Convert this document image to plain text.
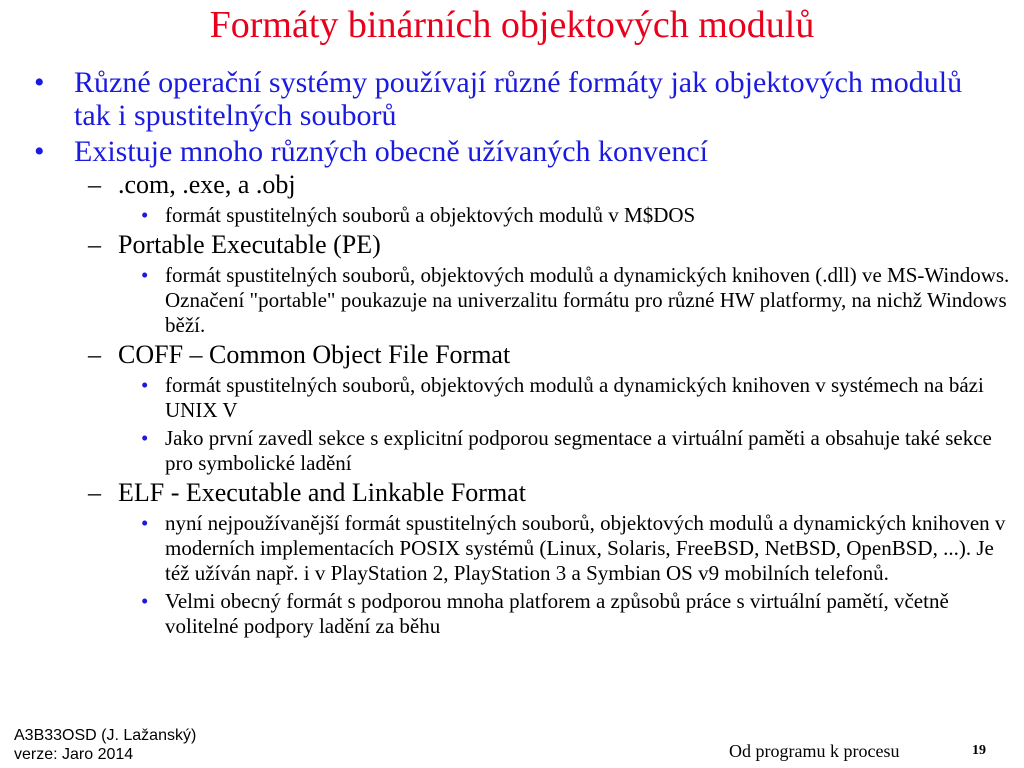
Formáty binárních objektových modulů
• Různé operační systémy používají různé formáty jak objektových modulů tak i spustitelných souborů
• Existuje mnoho různých obecně užívaných konvencí
– .com, .exe, a .obj
• formát spustitelných souborů a objektových modulů v M$DOS
– Portable Executable (PE)
• formát spustitelných souborů, objektových modulů a dynamických knihoven (.dll) ve MS-Windows. Označení "portable" poukazuje na univerzalitu formátu pro různé HW platformy, na nichž Windows běží.
– COFF – Common Object File Format
• formát spustitelných souborů, objektových modulů a dynamických knihoven v systémech na bázi UNIX V
• Jako první zavedl sekce s explicitní podporou segmentace a virtuální paměti a obsahuje také sekce pro symbolické ladění
– ELF - Executable and Linkable Format
• nyní nejpoužívanější formát spustitelných souborů, objektových modulů a dynamických knihoven v moderních implementacích POSIX systémů (Linux, Solaris, FreeBSD, NetBSD, OpenBSD, ...). Je též užíván např. i v PlayStation 2, PlayStation 3 a Symbian OS v9 mobilních telefonů.
• Velmi obecný formát s podporou mnoha platforem a způsobů práce s virtuální pamětí, včetně volitelné podpory ladění za běhu
A3B33OSD (J. Lažanský)
verze: Jaro 2014	Od programu k procesu	19
